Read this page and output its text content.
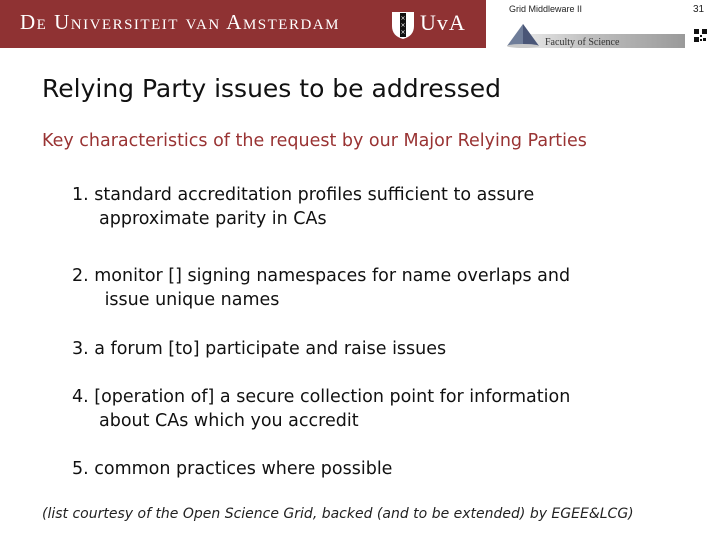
De Universiteit van Amsterdam	×
×
× UvA
Grid Middleware II	31
Faculty of Science
Relying Party issues to be addressed
Key characteristics of the request by our Major Relying Parties
1. standard accreditation profiles sufficient to assure
approximate parity in CAs
2. monitor [] signing namespaces for name overlaps and
issue unique names
3. a forum [to] participate and raise issues
4. [operation of] a secure collection point for information
about CAs which you accredit
5. common practices where possible
(list courtesy of the Open Science Grid, backed (and to be extended) by EGEE&LCG)
